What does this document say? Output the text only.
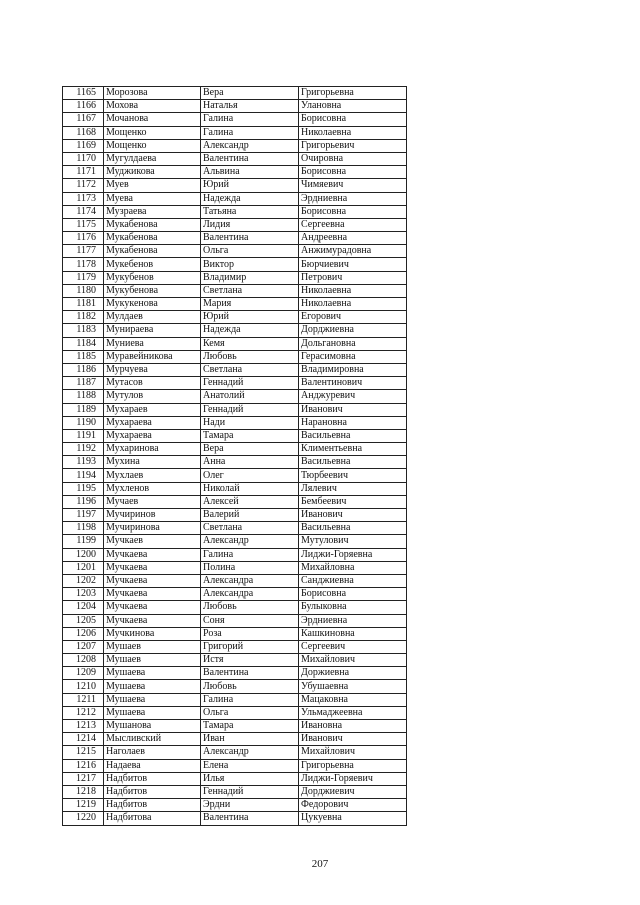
1165	Морозова	Вера	Григорьевна
1166	Мохова	Наталья	Улановна
1167	Мочанова	Галина	Борисовна
1168	Мощенко	Галина	Николаевна
1169	Мощенко	Александр	Григорьевич
1170	Мугулдаева	Валентина	Очировна
1171	Муджикова	Альвина	Борисовна
1172	Муев	Юрий	Чимяевич
1173	Муева	Надежда	Эрдниевна
1174	Музраева	Татьяна	Борисовна
1175	Мукабенова	Лидия	Сергеевна
1176	Мукабенова	Валентина	Андреевна
1177	Мукабенова	Ольга	Анжимурадовна
1178	Мукебенов	Виктор	Бюрчиевич
1179	Мукубенов	Владимир	Петрович
1180	Мукубенова	Светлана	Николаевна
1181	Мукукенова	Мария	Николаевна
1182	Мулдаев	Юрий	Егорович
1183	Мунираева	Надежда	Дорджиевна
1184	Муниева	Кемя	Дольгановна
1185	Муравейникова	Любовь	Герасимовна
1186	Мурчуева	Светлана	Владимировна
1187	Мутасов	Геннадий	Валентинович
1188	Мутулов	Анатолий	Анджуревич
1189	Мухараев	Геннадий	Иванович
1190	Мухараева	Нади	Нарановна
1191	Мухараева	Тамара	Васильевна
1192	Мухаринова	Вера	Климентьевна
1193	Мухина	Анна	Васильевна
1194	Мухлаев	Олег	Тюрбеевич
1195	Мухленов	Николай	Лялевич
1196	Мучаев	Алексей	Бембеевич
1197	Мучиринов	Валерий	Иванович
1198	Мучиринова	Светлана	Васильевна
1199	Мучкаев	Александр	Мутулович
1200	Мучкаева	Галина	Лиджи-Горяевна
1201	Мучкаева	Полина	Михайловна
1202	Мучкаева	Александра	Санджиевна
1203	Мучкаева	Александра	Борисовна
1204	Мучкаева	Любовь	Булыковна
1205	Мучкаева	Соня	Эрдниевна
1206	Мучкинова	Роза	Кашкиновна
1207	Мушаев	Григорий	Сергеевич
1208	Мушаев	Истя	Михайлович
1209	Мушаева	Валентина	Доржиевна
1210	Мушаева	Любовь	Убушаевна
1211	Мушаева	Галина	Мацаковна
1212	Мушаева	Ольга	Ульмаджеевна
1213	Мушанова	Тамара	Ивановна
1214	Мысливский	Иван	Иванович
1215	Наголаев	Александр	Михайлович
1216	Надаева	Елена	Григорьевна
1217	Надбитов	Илья	Лиджи-Горяевич
1218	Надбитов	Геннадий	Дорджиевич
1219	Надбитов	Эрдни	Федорович
1220	Надбитова	Валентина	Цукуевна
207
